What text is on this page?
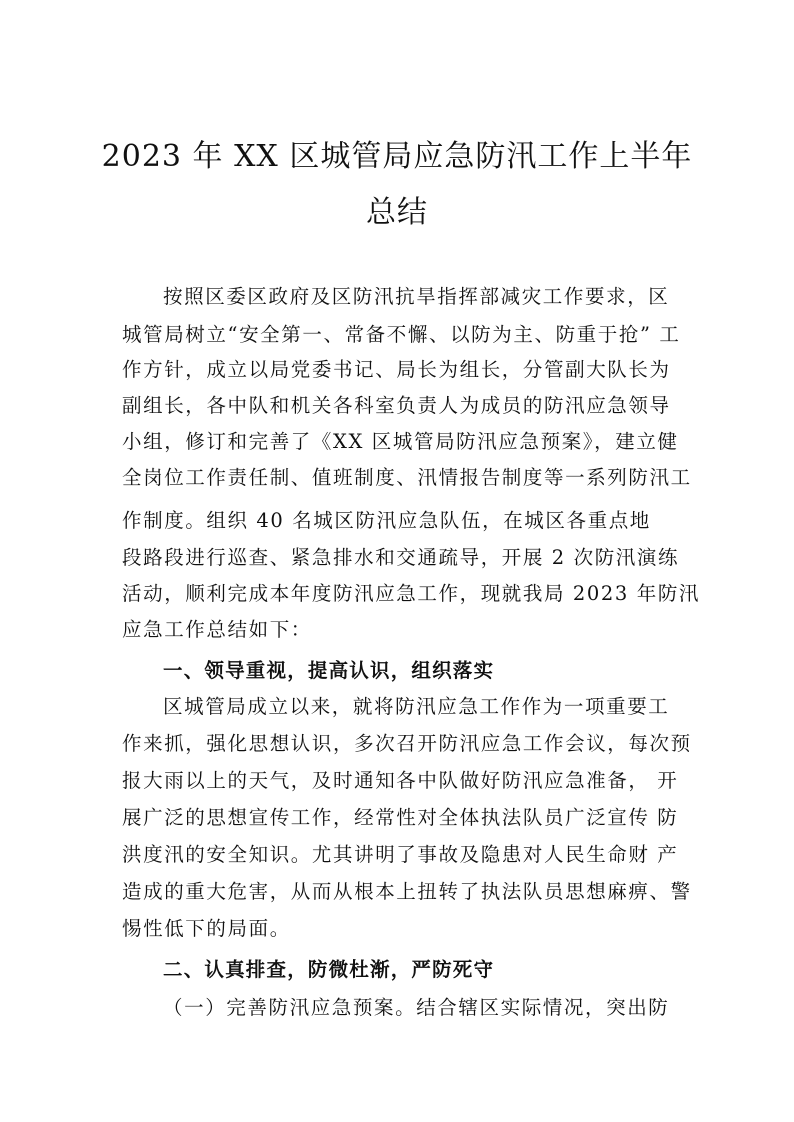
2023 年 XX 区城管局应急防汛工作上半年
总结
按照区委区政府及区防汛抗旱指挥部减灾工作要求，区
城管局树立“安全第一、常备不懈、以防为主、防重于抢” 工
作方针，成立以局党委书记、局长为组长，分管副大队长为
副组长，各中队和机关各科室负责人为成员的防汛应急领导
小组，修订和完善了《XX 区城管局防汛应急预案》，建立健
全岗位工作责任制、值班制度、汛情报告制度等一系列防汛工
作制度。组织 40 名城区防汛应急队伍，在城区各重点地
段路段进行巡查、紧急排水和交通疏导，开展 2 次防汛演练
活动，顺利完成本年度防汛应急工作，现就我局 2023 年防汛
应急工作总结如下：
一、领导重视，提高认识，组织落实
区城管局成立以来，就将防汛应急工作作为一项重要工
作来抓，强化思想认识，多次召开防汛应急工作会议，每次预
报大雨以上的天气，及时通知各中队做好防汛应急准备， 开
展广泛的思想宣传工作，经常性对全体执法队员广泛宣传 防
洪度汛的安全知识。尤其讲明了事故及隐患对人民生命财 产
造成的重大危害，从而从根本上扭转了执法队员思想麻痹、警
惕性低下的局面。
二、认真排查，防微杜渐，严防死守
（一）完善防汛应急预案。结合辖区实际情况，突出防
